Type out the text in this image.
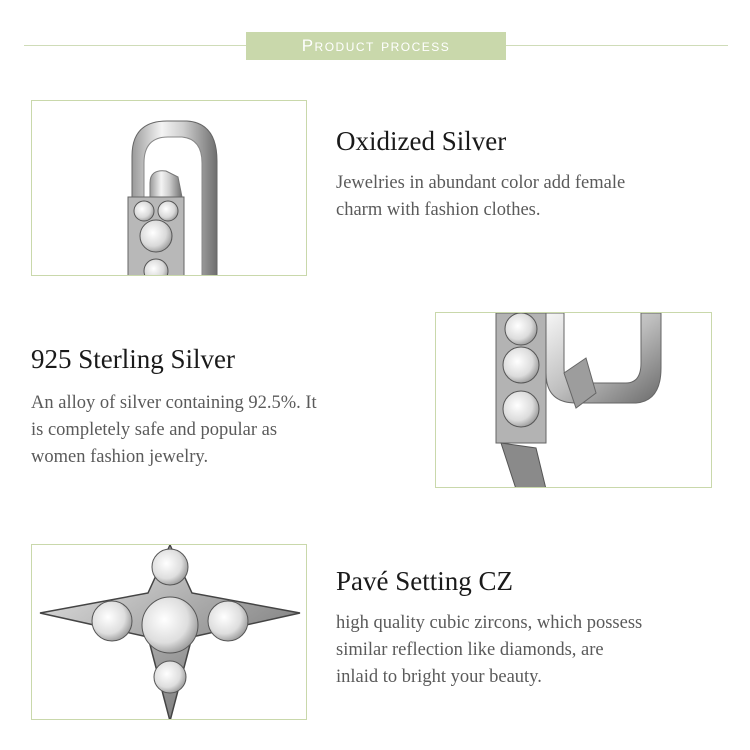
Product process
Oxidized Silver
Jewelries in abundant color add female
charm with fashion clothes.
925 Sterling Silver
An alloy of silver containing 92.5%. It
is completely safe and popular as
women fashion jewelry.
Pavé Setting CZ
high quality cubic zircons, which possess
similar reflection like diamonds, are
inlaid to bright your beauty.
